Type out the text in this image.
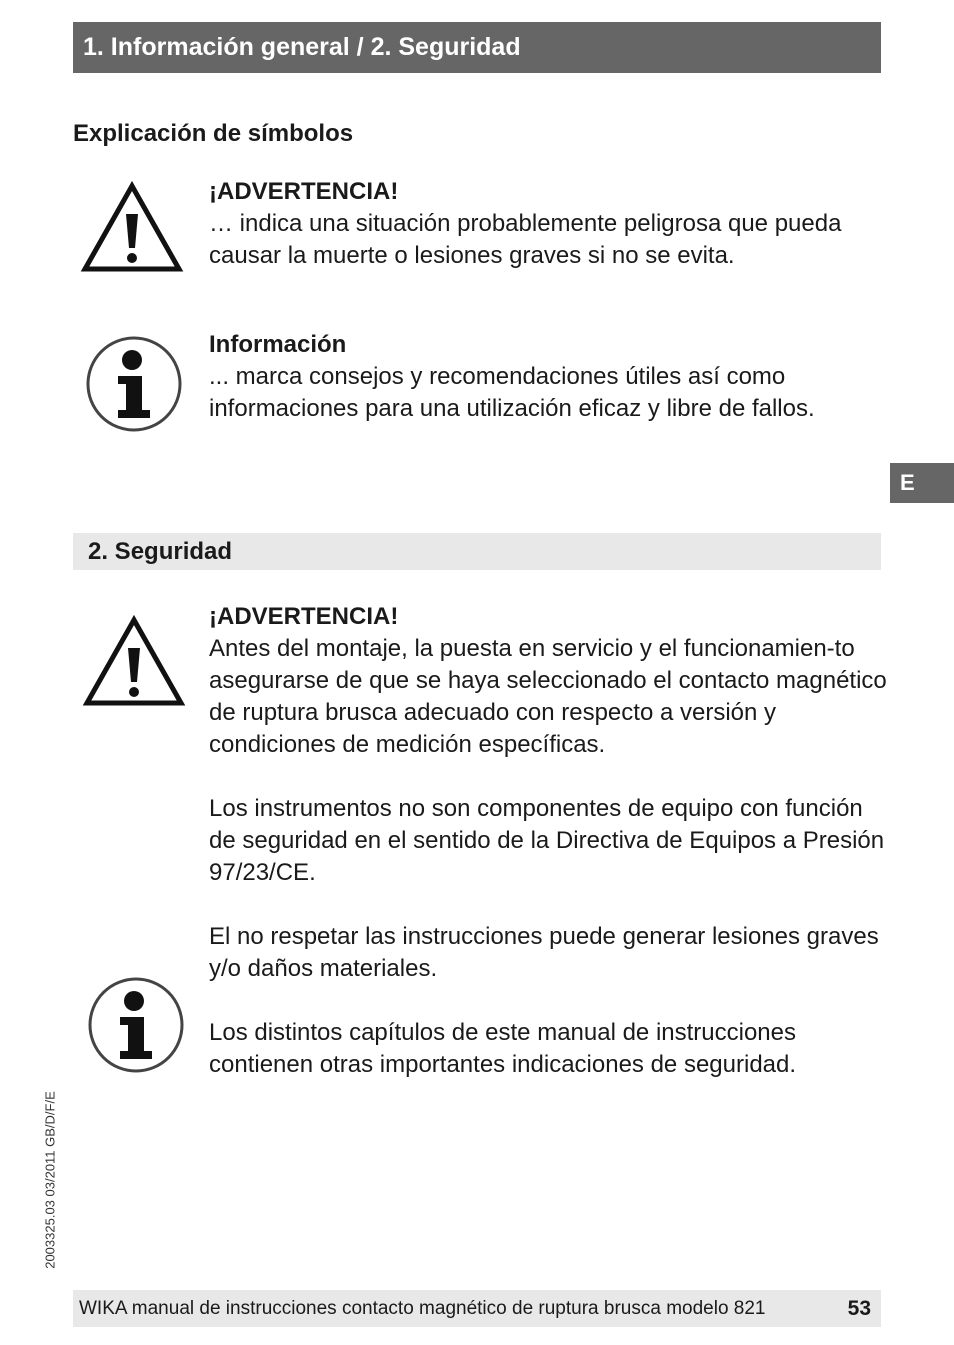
1. Información general / 2. Seguridad
Explicación de símbolos
¡ADVERTENCIA!

… indica una situación probablemente peligrosa que pueda causar la muerte o lesiones graves si no se evita.

Información

... marca consejos y recomendaciones útiles así como informaciones para una utilización eficaz y libre de fallos.

E
2. Seguridad
¡ADVERTENCIA!

Antes del montaje, la puesta en servicio y el funcionamien-to asegurarse de que se haya seleccionado el contacto magnético de ruptura brusca adecuado con respecto a versión y condiciones de medición específicas.

Los instrumentos no son componentes de equipo con función de seguridad en el sentido de la Directiva de Equipos a Presión 97/23/CE.

El no respetar las instrucciones puede generar lesiones graves y/o daños materiales.

Los distintos capítulos de este manual de instrucciones contienen otras importantes indicaciones de seguridad.

2003325.03 03/2011 GB/D/F/E
WIKA manual de instrucciones contacto magnético de ruptura brusca modelo 821	53
